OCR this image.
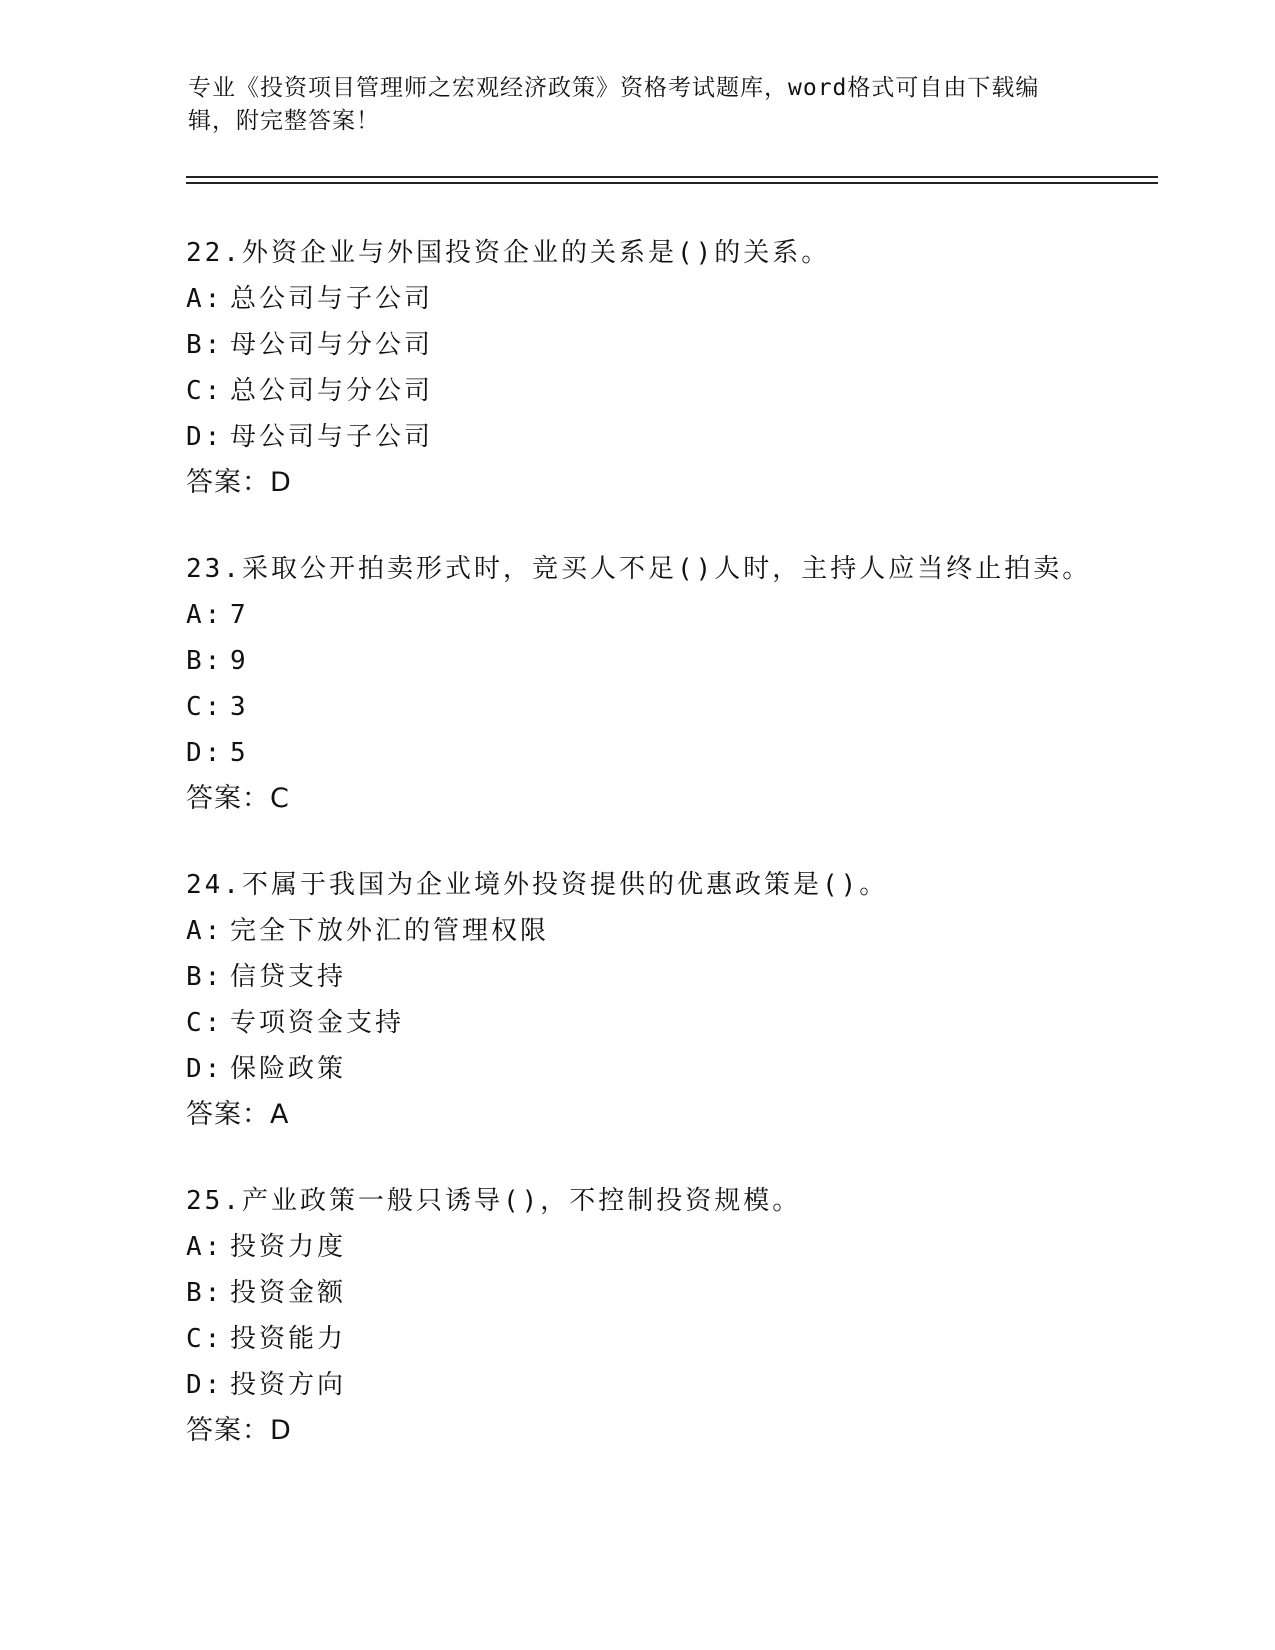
专业《投资项目管理师之宏观经济政策》资格考试题库，word格式可自由下载编辑，附完整答案！
22.外资企业与外国投资企业的关系是()的关系。
A: 总公司与子公司
B: 母公司与分公司
C: 总公司与分公司
D: 母公司与子公司
答案：D
23.采取公开拍卖形式时，竞买人不足()人时，主持人应当终止拍卖。
A: 7
B: 9
C: 3
D: 5
答案：C
24.不属于我国为企业境外投资提供的优惠政策是()。
A: 完全下放外汇的管理权限
B: 信贷支持
C: 专项资金支持
D: 保险政策
答案：A
25.产业政策一般只诱导()，不控制投资规模。
A: 投资力度
B: 投资金额
C: 投资能力
D: 投资方向
答案：D
